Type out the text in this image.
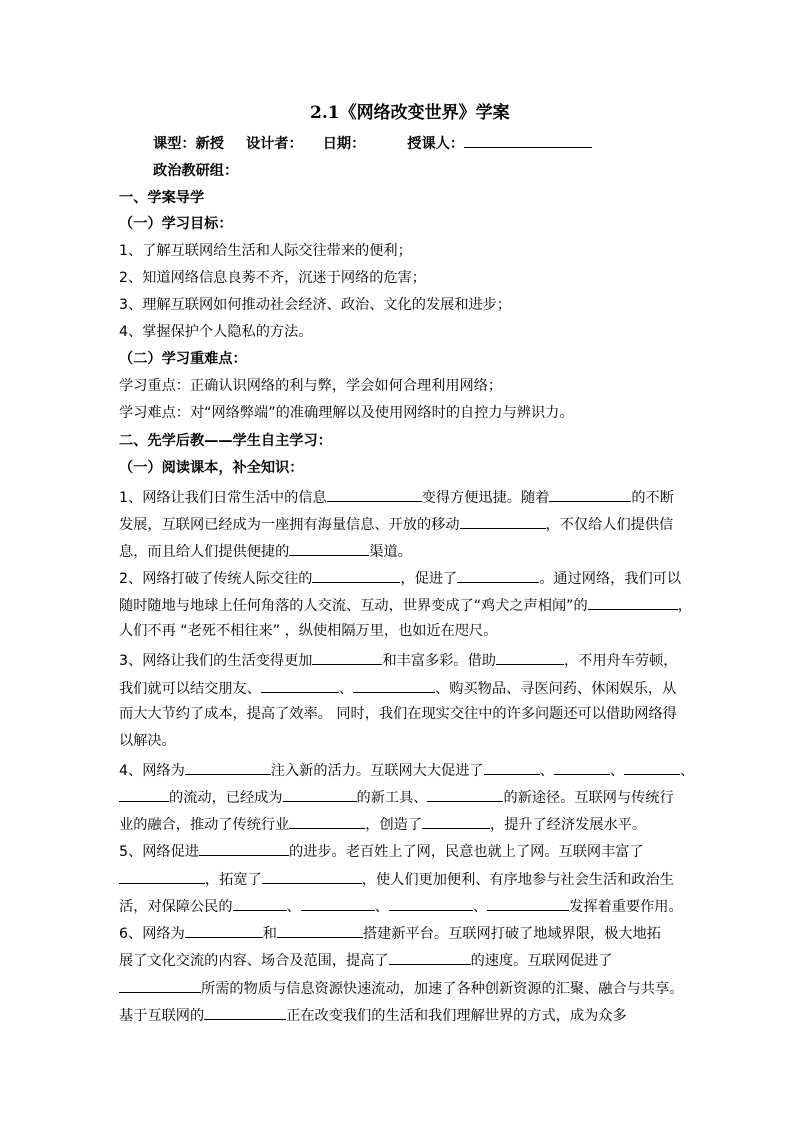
2.1《网络改变世界》学案
课型：新授 设计者： 日期：	授课人：
政治教研组：
一、学案导学
（一）学习目标：
1、了解互联网给生活和人际交往带来的便利；
2、知道网络信息良莠不齐，沉迷于网络的危害；
3、理解互联网如何推动社会经济、政治、文化的发展和进步；
4、掌握保护个人隐私的方法。
（二）学习重难点：
学习重点：正确认识网络的利与弊，学会如何合理利用网络；
学习难点：对“网络弊端”的准确理解以及使用网络时的自控力与辨识力。
二、先学后教——学生自主学习：
（一）阅读课本，补全知识：
1、网络让我们日常生活中的信息	变得方便迅捷。随着	的不断
发展，互联网已经成为一座拥有海量信息、开放的移动	，不仅给人们提供信
息，而且给人们提供便捷的	渠道。
2、网络打破了传统人际交往的	，促进了	。通过网络，我们可以
随时随地与地球上任何角落的人交流、互动，世界变成了“鸡犬之声相闻”的	，
人们不再 “老死不相往来” ，纵使相隔万里，也如近在咫尺。
3、网络让我们的生活变得更加	和丰富多彩。借助	，不用舟车劳顿，
我们就可以结交朋友、	、	、购买物品、寻医问药、休闲娱乐，从
而大大节约了成本，提高了效率。 同时，我们在现实交往中的许多问题还可以借助网络得
以解决。
4、网络为	注入新的活力。互联网大大促进了	、	、	、
的流动，已经成为	的新工具、	的新途径。互联网与传统行
业的融合，推动了传统行业	，创造了	，提升了经济发展水平。
5、网络促进	的进步。老百姓上了网，民意也就上了网。互联网丰富了
，拓宽了	，使人们更加便利、有序地参与社会生活和政治生
活，对保障公民的	、	、	、	发挥着重要作用。
6、网络为	和	搭建新平台。互联网打破了地域界限，极大地拓
展了文化交流的内容、场合及范围，提高了	的速度。互联网促进了
所需的物质与信息资源快速流动，加速了各种创新资源的汇聚、融合与共享。
基于互联网的	正在改变我们的生活和我们理解世界的方式，成为众多
